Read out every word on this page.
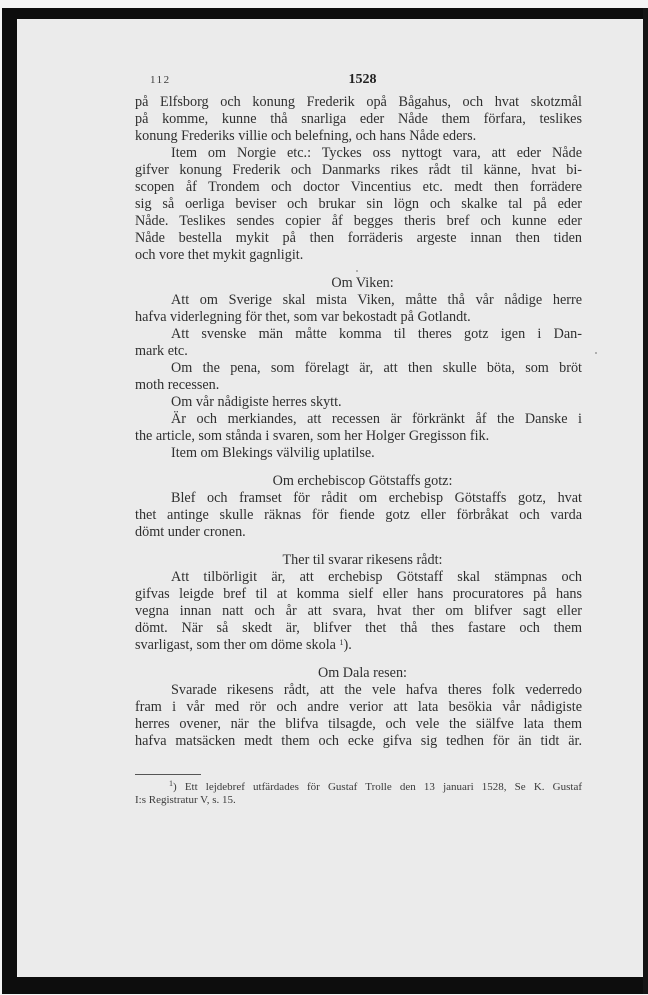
112	1528
på Elfsborg och konung Frederik opå Bågahus, och hvat skotzmål
på komme, kunne thå snarliga eder Nåde them förfara, teslikes
konung Frederiks villie och belefning, och hans Nåde eders.
Item om Norgie etc.: Tyckes oss nyttogt vara, att eder Nåde
gifver konung Frederik och Danmarks rikes rådt til känne, hvat bi-
scopen åf Trondem och doctor Vincentius etc. medt then forrädere
sig så oerliga beviser och brukar sin lögn och skalke tal på eder
Nåde. Teslikes sendes copier åf begges theris bref och kunne eder
Nåde bestella mykit på then forräderis argeste innan then tiden
och vore thet mykit gagnligit.
Om Viken:
Att om Sverige skal mista Viken, måtte thå vår nådige herre
hafva viderlegning för thet, som var bekostadt på Gotlandt.
Att svenske män måtte komma til theres gotz igen i Dan-
mark etc.
Om the pena, som förelagt är, att then skulle böta, som bröt
moth recessen.
Om vår nådigiste herres skytt.
Är och merkiandes, att recessen är förkränkt åf the Danske i
the article, som stånda i svaren, som her Holger Gregisson fik.
Item om Blekings välvilig uplatilse.
Om erchebiscop Götstaffs gotz:
Blef och framset för rådit om erchebisp Götstaffs gotz, hvat
thet antinge skulle räknas för fiende gotz eller förbråkat och varda
dömt under cronen.
Ther til svarar rikesens rådt:
Att tilbörligit är, att erchebisp Götstaff skal stämpnas och
gifvas leigde bref til at komma sielf eller hans procuratores på hans
vegna innan natt och år att svara, hvat ther om blifver sagt eller
dömt. När så skedt är, blifver thet thå thes fastare och them
svarligast, som ther om döme skola $^1$).
Om Dala resen:
Svarade rikesens rådt, att the vele hafva theres folk vederredo
fram i vår med rör och andre verior att lata besökia vår nådigiste
herres ovener, när the blifva tilsagde, och vele the siälfve lata them
hafva matsäcken medt them och ecke gifva sig tedhen för än tidt är.
$^1$) Ett lejdebref utfärdades för Gustaf Trolle den 13 januari 1528, Se K. Gustaf
I:s Registratur V, s. 15.
